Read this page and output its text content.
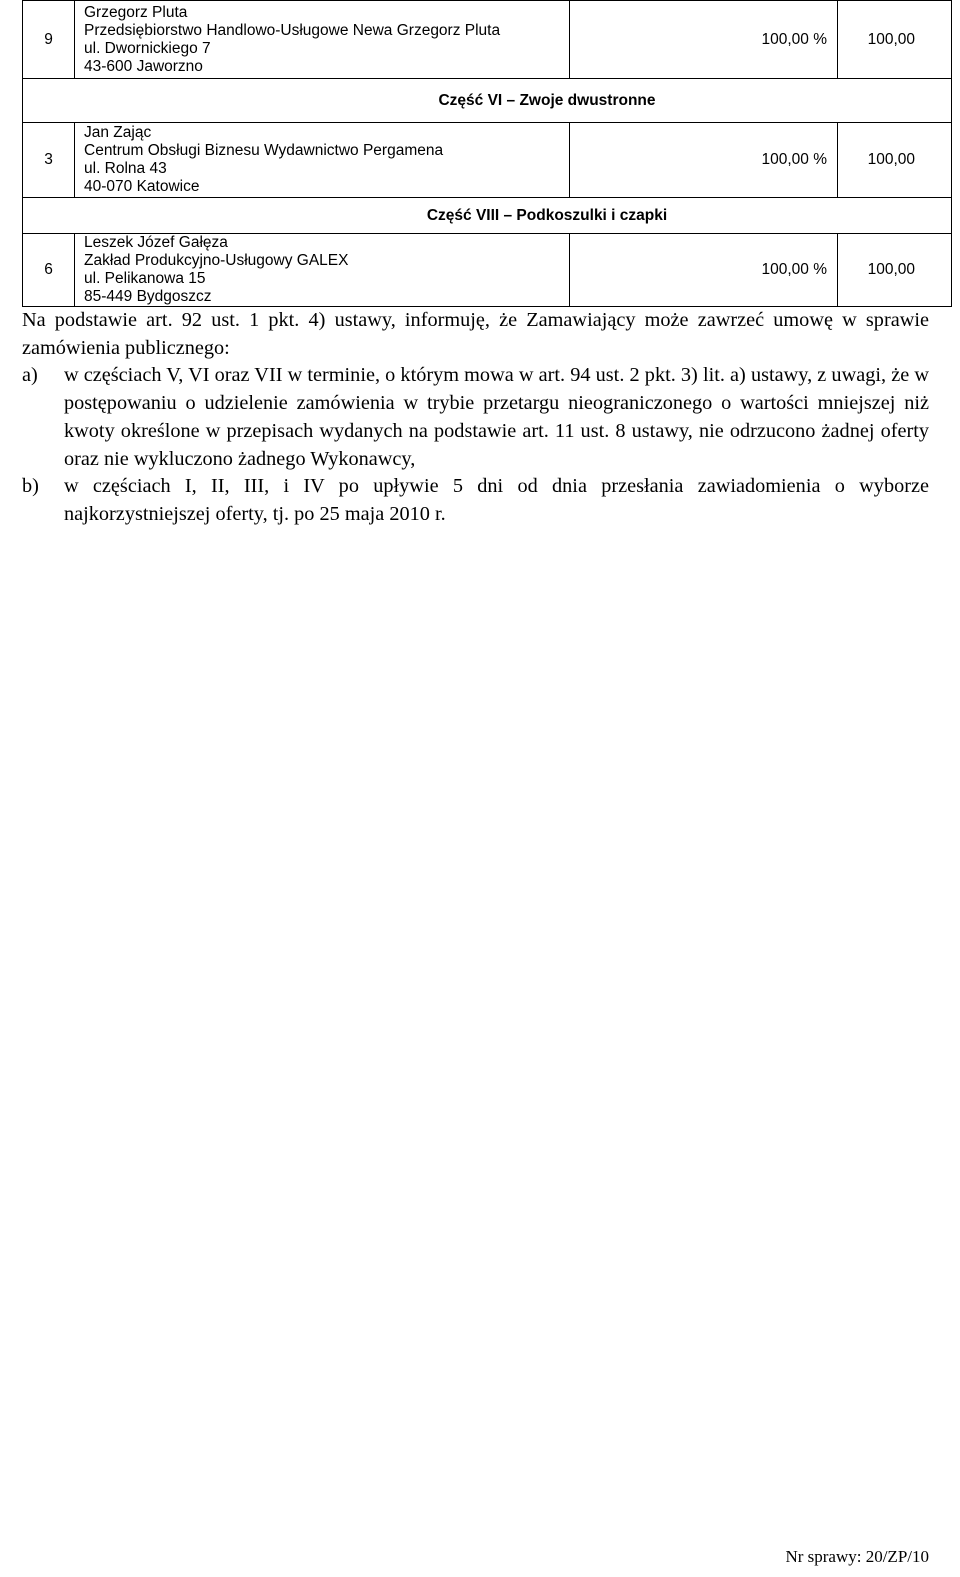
9	Grzegorz Pluta
Przedsiębiorstwo Handlowo-Usługowe Newa Grzegorz Pluta
ul. Dwornickiego 7
43-600 Jaworzno	100,00 %	100,00
Część VI – Zwoje dwustronne			
3	Jan Zając
Centrum Obsługi Biznesu Wydawnictwo Pergamena
ul. Rolna 43
40-070 Katowice	100,00 %	100,00
Część VIII – Podkoszulki i czapki			
6	Leszek Józef Gałęza
Zakład Produkcyjno-Usługowy GALEX
ul. Pelikanowa 15
85-449 Bydgoszcz	100,00 %	100,00

Na podstawie art. 92 ust. 1 pkt. 4) ustawy, informuję, że Zamawiający może zawrzeć umowę w sprawie zamówienia publicznego:

a)	w częściach V, VI oraz VII w terminie, o którym mowa w art. 94 ust. 2 pkt. 3) lit. a) ustawy, z uwagi, że w postępowaniu o udzielenie zamówienia w trybie przetargu nieograniczonego o wartości mniejszej niż kwoty określone w przepisach wydanych na podstawie art. 11 ust. 8 ustawy, nie odrzucono żadnej oferty oraz nie wykluczono żadnego Wykonawcy,
b)	w częściach I, II, III, i IV po upływie 5 dni od dnia przesłania zawiadomienia o wyborze najkorzystniejszej oferty, tj. po 25 maja 2010 r.
Nr sprawy: 20/ZP/10
